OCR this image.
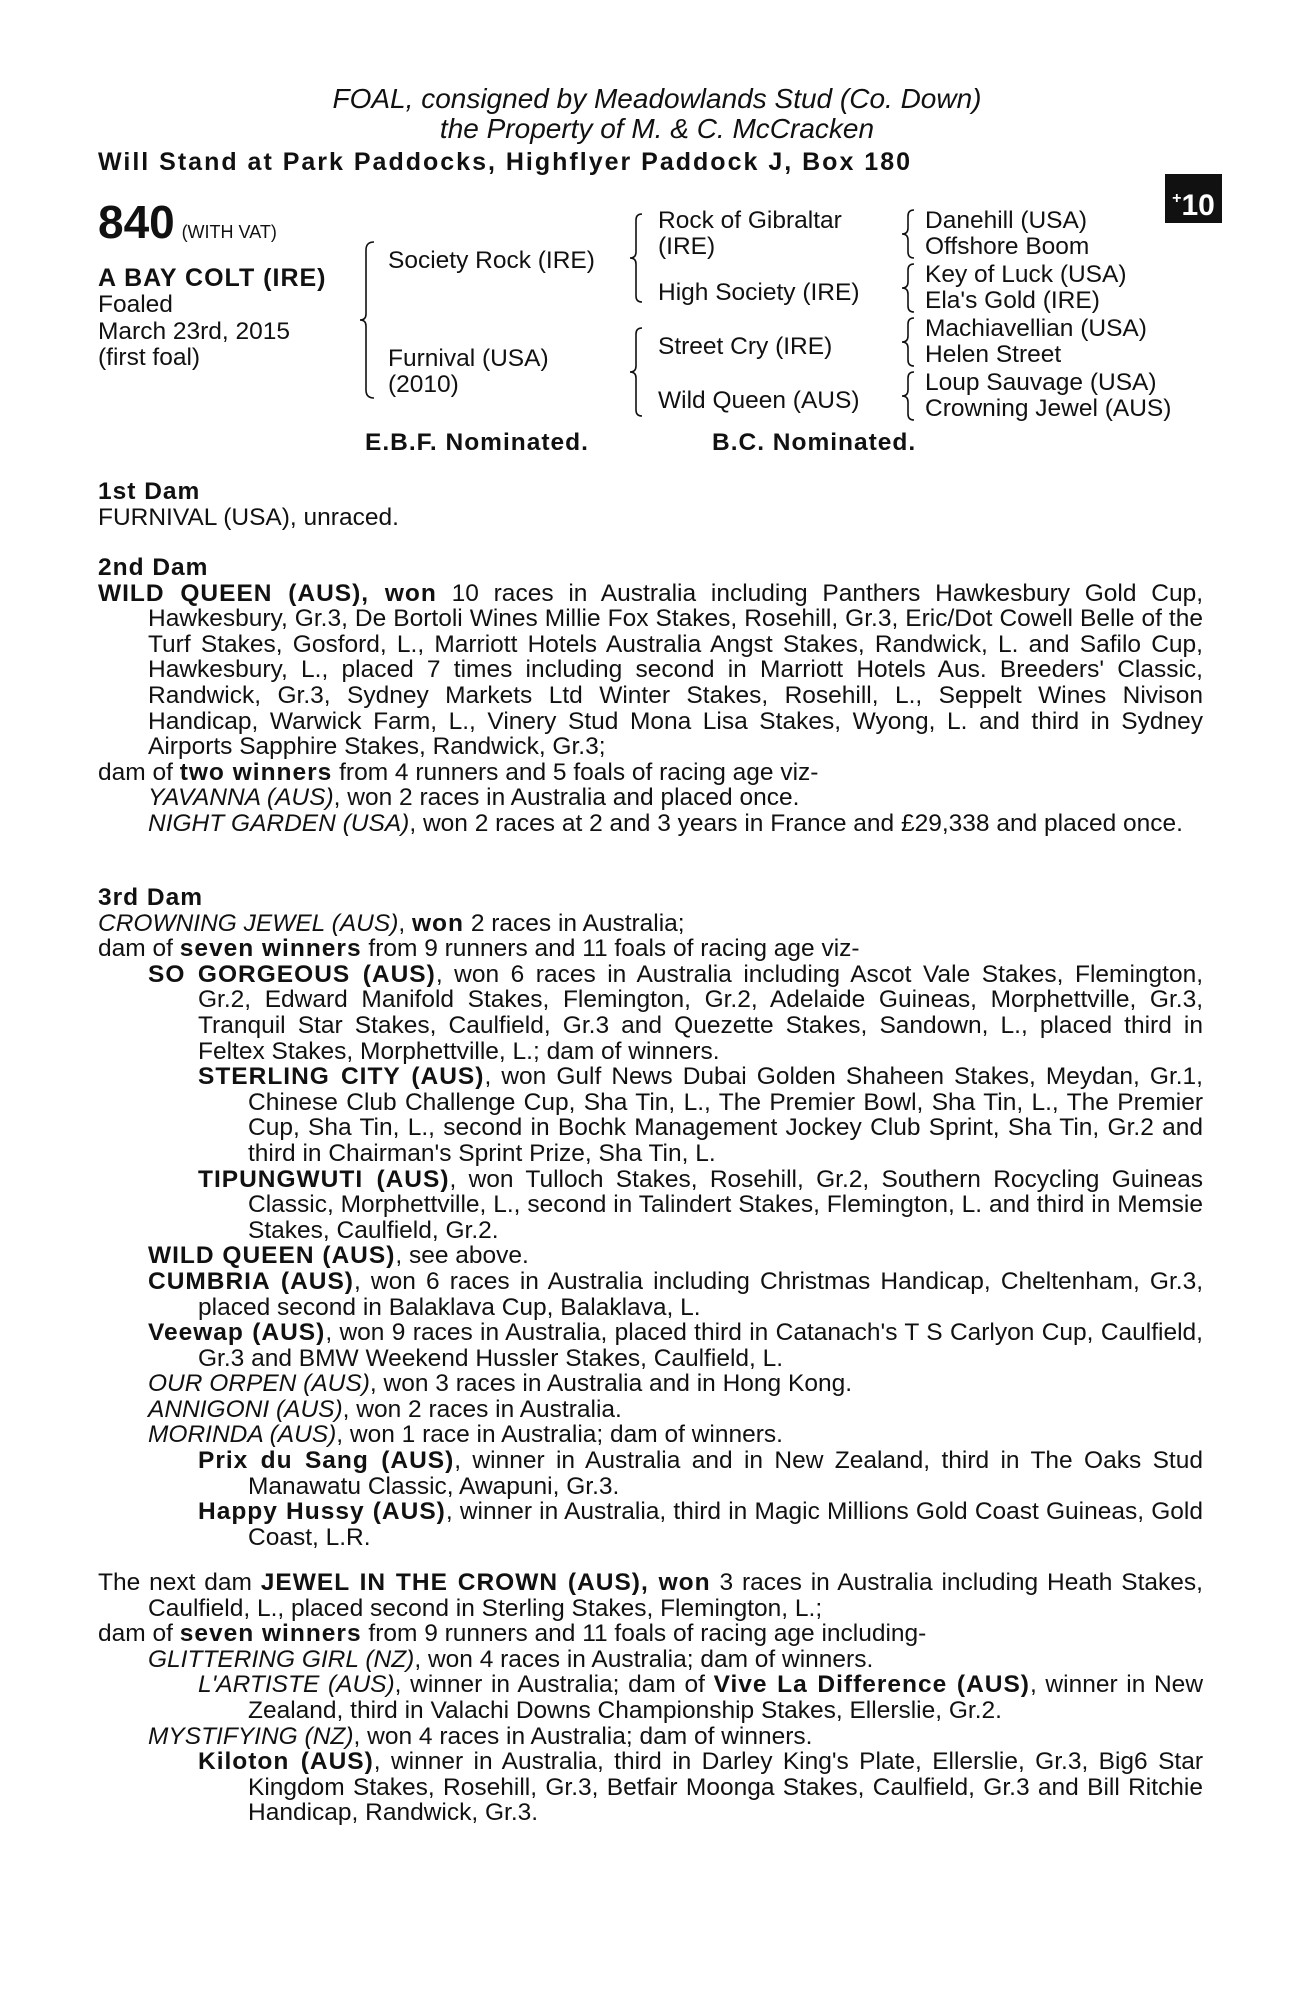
FOAL, consigned by Meadowlands Stud (Co. Down)
the Property of M. & C. McCracken
Will Stand at Park Paddocks, Highflyer Paddock J, Box 180
+10
840 (WITH VAT)
A BAY COLT (IRE)
Foaled
March 23rd, 2015
(first foal)
Society Rock (IRE)
Furnival (USA)
(2010)
Rock of Gibraltar
(IRE)
High Society (IRE)
Street Cry (IRE)
Wild Queen (AUS)
Danehill (USA)
Offshore Boom
Key of Luck (USA)
Ela's Gold (IRE)
Machiavellian (USA)
Helen Street
Loup Sauvage (USA)
Crowning Jewel (AUS)
E.B.F. Nominated.	B.C. Nominated.
1st Dam
FURNIVAL (USA), unraced.
2nd Dam
WILD QUEEN (AUS), won 10 races in Australia including Panthers Hawkesbury Gold Cup, Hawkesbury, Gr.3, De Bortoli Wines Millie Fox Stakes, Rosehill, Gr.3, Eric/Dot Cowell Belle of the Turf Stakes, Gosford, L., Marriott Hotels Australia Angst Stakes, Randwick, L. and Safilo Cup, Hawkesbury, L., placed 7 times including second in Marriott Hotels Aus. Breeders' Classic, Randwick, Gr.3, Sydney Markets Ltd Winter Stakes, Rosehill, L., Seppelt Wines Nivison Handicap, Warwick Farm, L., Vinery Stud Mona Lisa Stakes, Wyong, L. and third in Sydney Airports Sapphire Stakes, Randwick, Gr.3;
dam of two winners from 4 runners and 5 foals of racing age viz-
YAVANNA (AUS), won 2 races in Australia and placed once.
NIGHT GARDEN (USA), won 2 races at 2 and 3 years in France and £29,338 and placed once.
3rd Dam
CROWNING JEWEL (AUS), won 2 races in Australia;
dam of seven winners from 9 runners and 11 foals of racing age viz-
SO GORGEOUS (AUS), won 6 races in Australia including Ascot Vale Stakes, Flemington, Gr.2, Edward Manifold Stakes, Flemington, Gr.2, Adelaide Guineas, Morphettville, Gr.3, Tranquil Star Stakes, Caulfield, Gr.3 and Quezette Stakes, Sandown, L., placed third in Feltex Stakes, Morphettville, L.; dam of winners.
STERLING CITY (AUS), won Gulf News Dubai Golden Shaheen Stakes, Meydan, Gr.1, Chinese Club Challenge Cup, Sha Tin, L., The Premier Bowl, Sha Tin, L., The Premier Cup, Sha Tin, L., second in Bochk Management Jockey Club Sprint, Sha Tin, Gr.2 and third in Chairman's Sprint Prize, Sha Tin, L.
TIPUNGWUTI (AUS), won Tulloch Stakes, Rosehill, Gr.2, Southern Rocycling Guineas Classic, Morphettville, L., second in Talindert Stakes, Flemington, L. and third in Memsie Stakes, Caulfield, Gr.2.
WILD QUEEN (AUS), see above.
CUMBRIA (AUS), won 6 races in Australia including Christmas Handicap, Cheltenham, Gr.3, placed second in Balaklava Cup, Balaklava, L.
Veewap (AUS), won 9 races in Australia, placed third in Catanach's T S Carlyon Cup, Caulfield, Gr.3 and BMW Weekend Hussler Stakes, Caulfield, L.
OUR ORPEN (AUS), won 3 races in Australia and in Hong Kong.
ANNIGONI (AUS), won 2 races in Australia.
MORINDA (AUS), won 1 race in Australia; dam of winners.
Prix du Sang (AUS), winner in Australia and in New Zealand, third in The Oaks Stud Manawatu Classic, Awapuni, Gr.3.
Happy Hussy (AUS), winner in Australia, third in Magic Millions Gold Coast Guineas, Gold Coast, L.R.
The next dam JEWEL IN THE CROWN (AUS), won 3 races in Australia including Heath Stakes, Caulfield, L., placed second in Sterling Stakes, Flemington, L.;
dam of seven winners from 9 runners and 11 foals of racing age including-
GLITTERING GIRL (NZ), won 4 races in Australia; dam of winners.
L'ARTISTE (AUS), winner in Australia; dam of Vive La Difference (AUS), winner in New Zealand, third in Valachi Downs Championship Stakes, Ellerslie, Gr.2.
MYSTIFYING (NZ), won 4 races in Australia; dam of winners.
Kiloton (AUS), winner in Australia, third in Darley King's Plate, Ellerslie, Gr.3, Big6 Star Kingdom Stakes, Rosehill, Gr.3, Betfair Moonga Stakes, Caulfield, Gr.3 and Bill Ritchie Handicap, Randwick, Gr.3.
